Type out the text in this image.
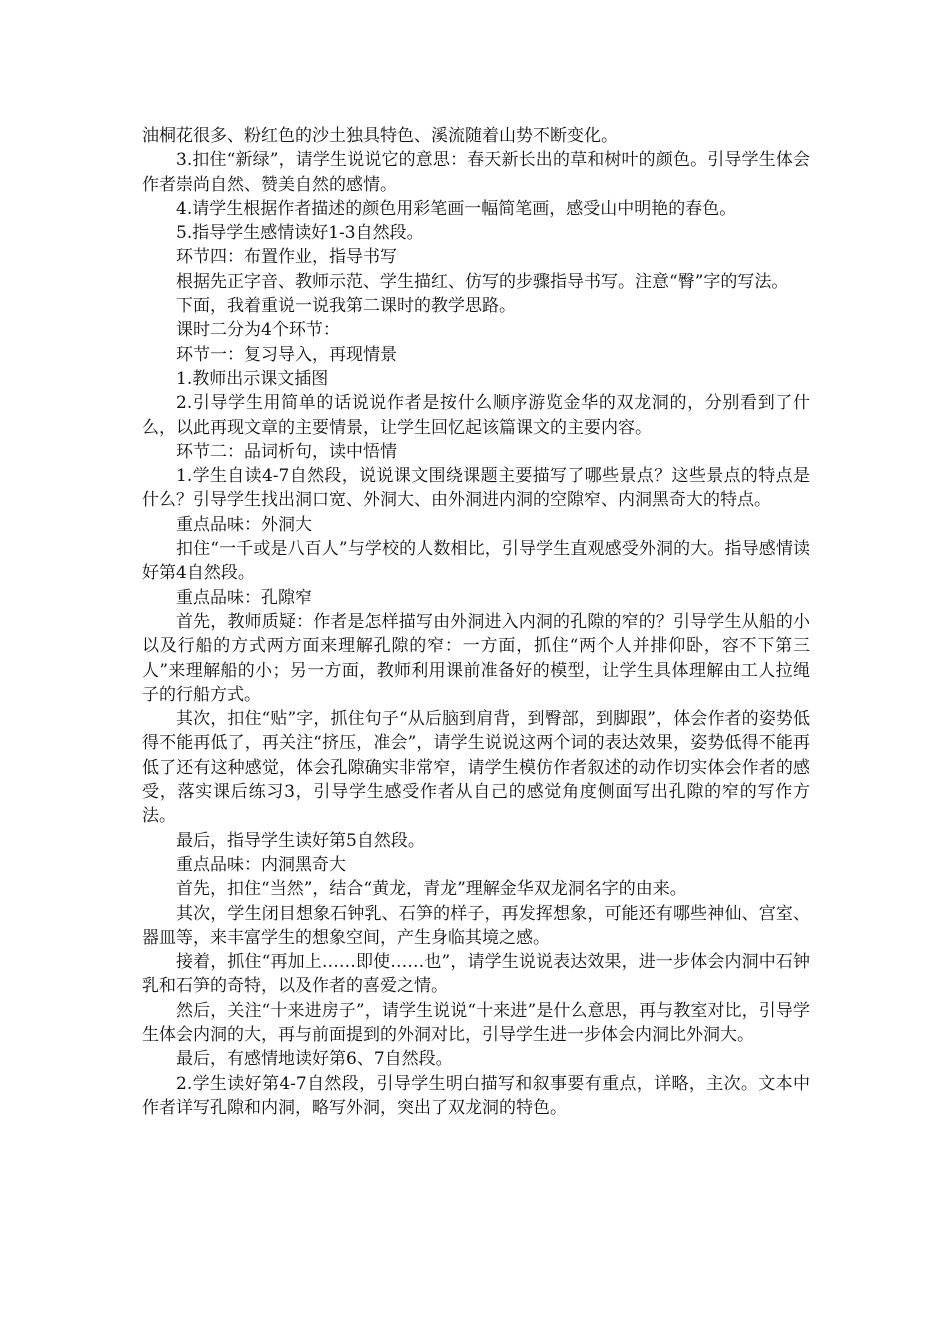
油桐花很多、粉红色的沙土独具特色、溪流随着山势不断变化。

3.扣住“新绿”，请学生说说它的意思：春天新长出的草和树叶的颜色。引导学生体会作者崇尚自然、赞美自然的感情。

4.请学生根据作者描述的颜色用彩笔画一幅简笔画，感受山中明艳的春色。

5.指导学生感情读好1-3自然段。

环节四：布置作业，指导书写

根据先正字音、教师示范、学生描红、仿写的步骤指导书写。注意“臀”字的写法。

下面，我着重说一说我第二课时的教学思路。

课时二分为4个环节：

环节一：复习导入，再现情景

1.教师出示课文插图

2.引导学生用简单的话说说作者是按什么顺序游览金华的双龙洞的，分别看到了什么，以此再现文章的主要情景，让学生回忆起该篇课文的主要内容。

环节二：品词析句，读中悟情

1.学生自读4-7自然段，说说课文围绕课题主要描写了哪些景点？这些景点的特点是什么？引导学生找出洞口宽、外洞大、由外洞进内洞的空隙窄、内洞黑奇大的特点。

重点品味：外洞大

扣住“一千或是八百人”与学校的人数相比，引导学生直观感受外洞的大。指导感情读好第4自然段。

重点品味：孔隙窄

首先，教师质疑：作者是怎样描写由外洞进入内洞的孔隙的窄的？引导学生从船的小以及行船的方式两方面来理解孔隙的窄：一方面，抓住“两个人并排仰卧，容不下第三人”来理解船的小；另一方面，教师利用课前准备好的模型，让学生具体理解由工人拉绳子的行船方式。

其次，扣住“贴”字，抓住句子“从后脑到肩背，到臀部，到脚跟”，体会作者的姿势低得不能再低了，再关注“挤压，准会”，请学生说说这两个词的表达效果，姿势低得不能再低了还有这种感觉，体会孔隙确实非常窄，请学生模仿作者叙述的动作切实体会作者的感受，落实课后练习3，引导学生感受作者从自己的感觉角度侧面写出孔隙的窄的写作方法。

最后，指导学生读好第5自然段。

重点品味：内洞黑奇大

首先，扣住“当然”，结合“黄龙，青龙”理解金华双龙洞名字的由来。

其次，学生闭目想象石钟乳、石笋的样子，再发挥想象，可能还有哪些神仙、宫室、器皿等，来丰富学生的想象空间，产生身临其境之感。

接着，抓住“再加上……即使……也”，请学生说说表达效果，进一步体会内洞中石钟乳和石笋的奇特，以及作者的喜爱之情。

然后，关注“十来进房子”，请学生说说“十来进”是什么意思，再与教室对比，引导学生体会内洞的大，再与前面提到的外洞对比，引导学生进一步体会内洞比外洞大。

最后，有感情地读好第6、7自然段。

2.学生读好第4-7自然段，引导学生明白描写和叙事要有重点，详略，主次。文本中作者详写孔隙和内洞，略写外洞，突出了双龙洞的特色。
